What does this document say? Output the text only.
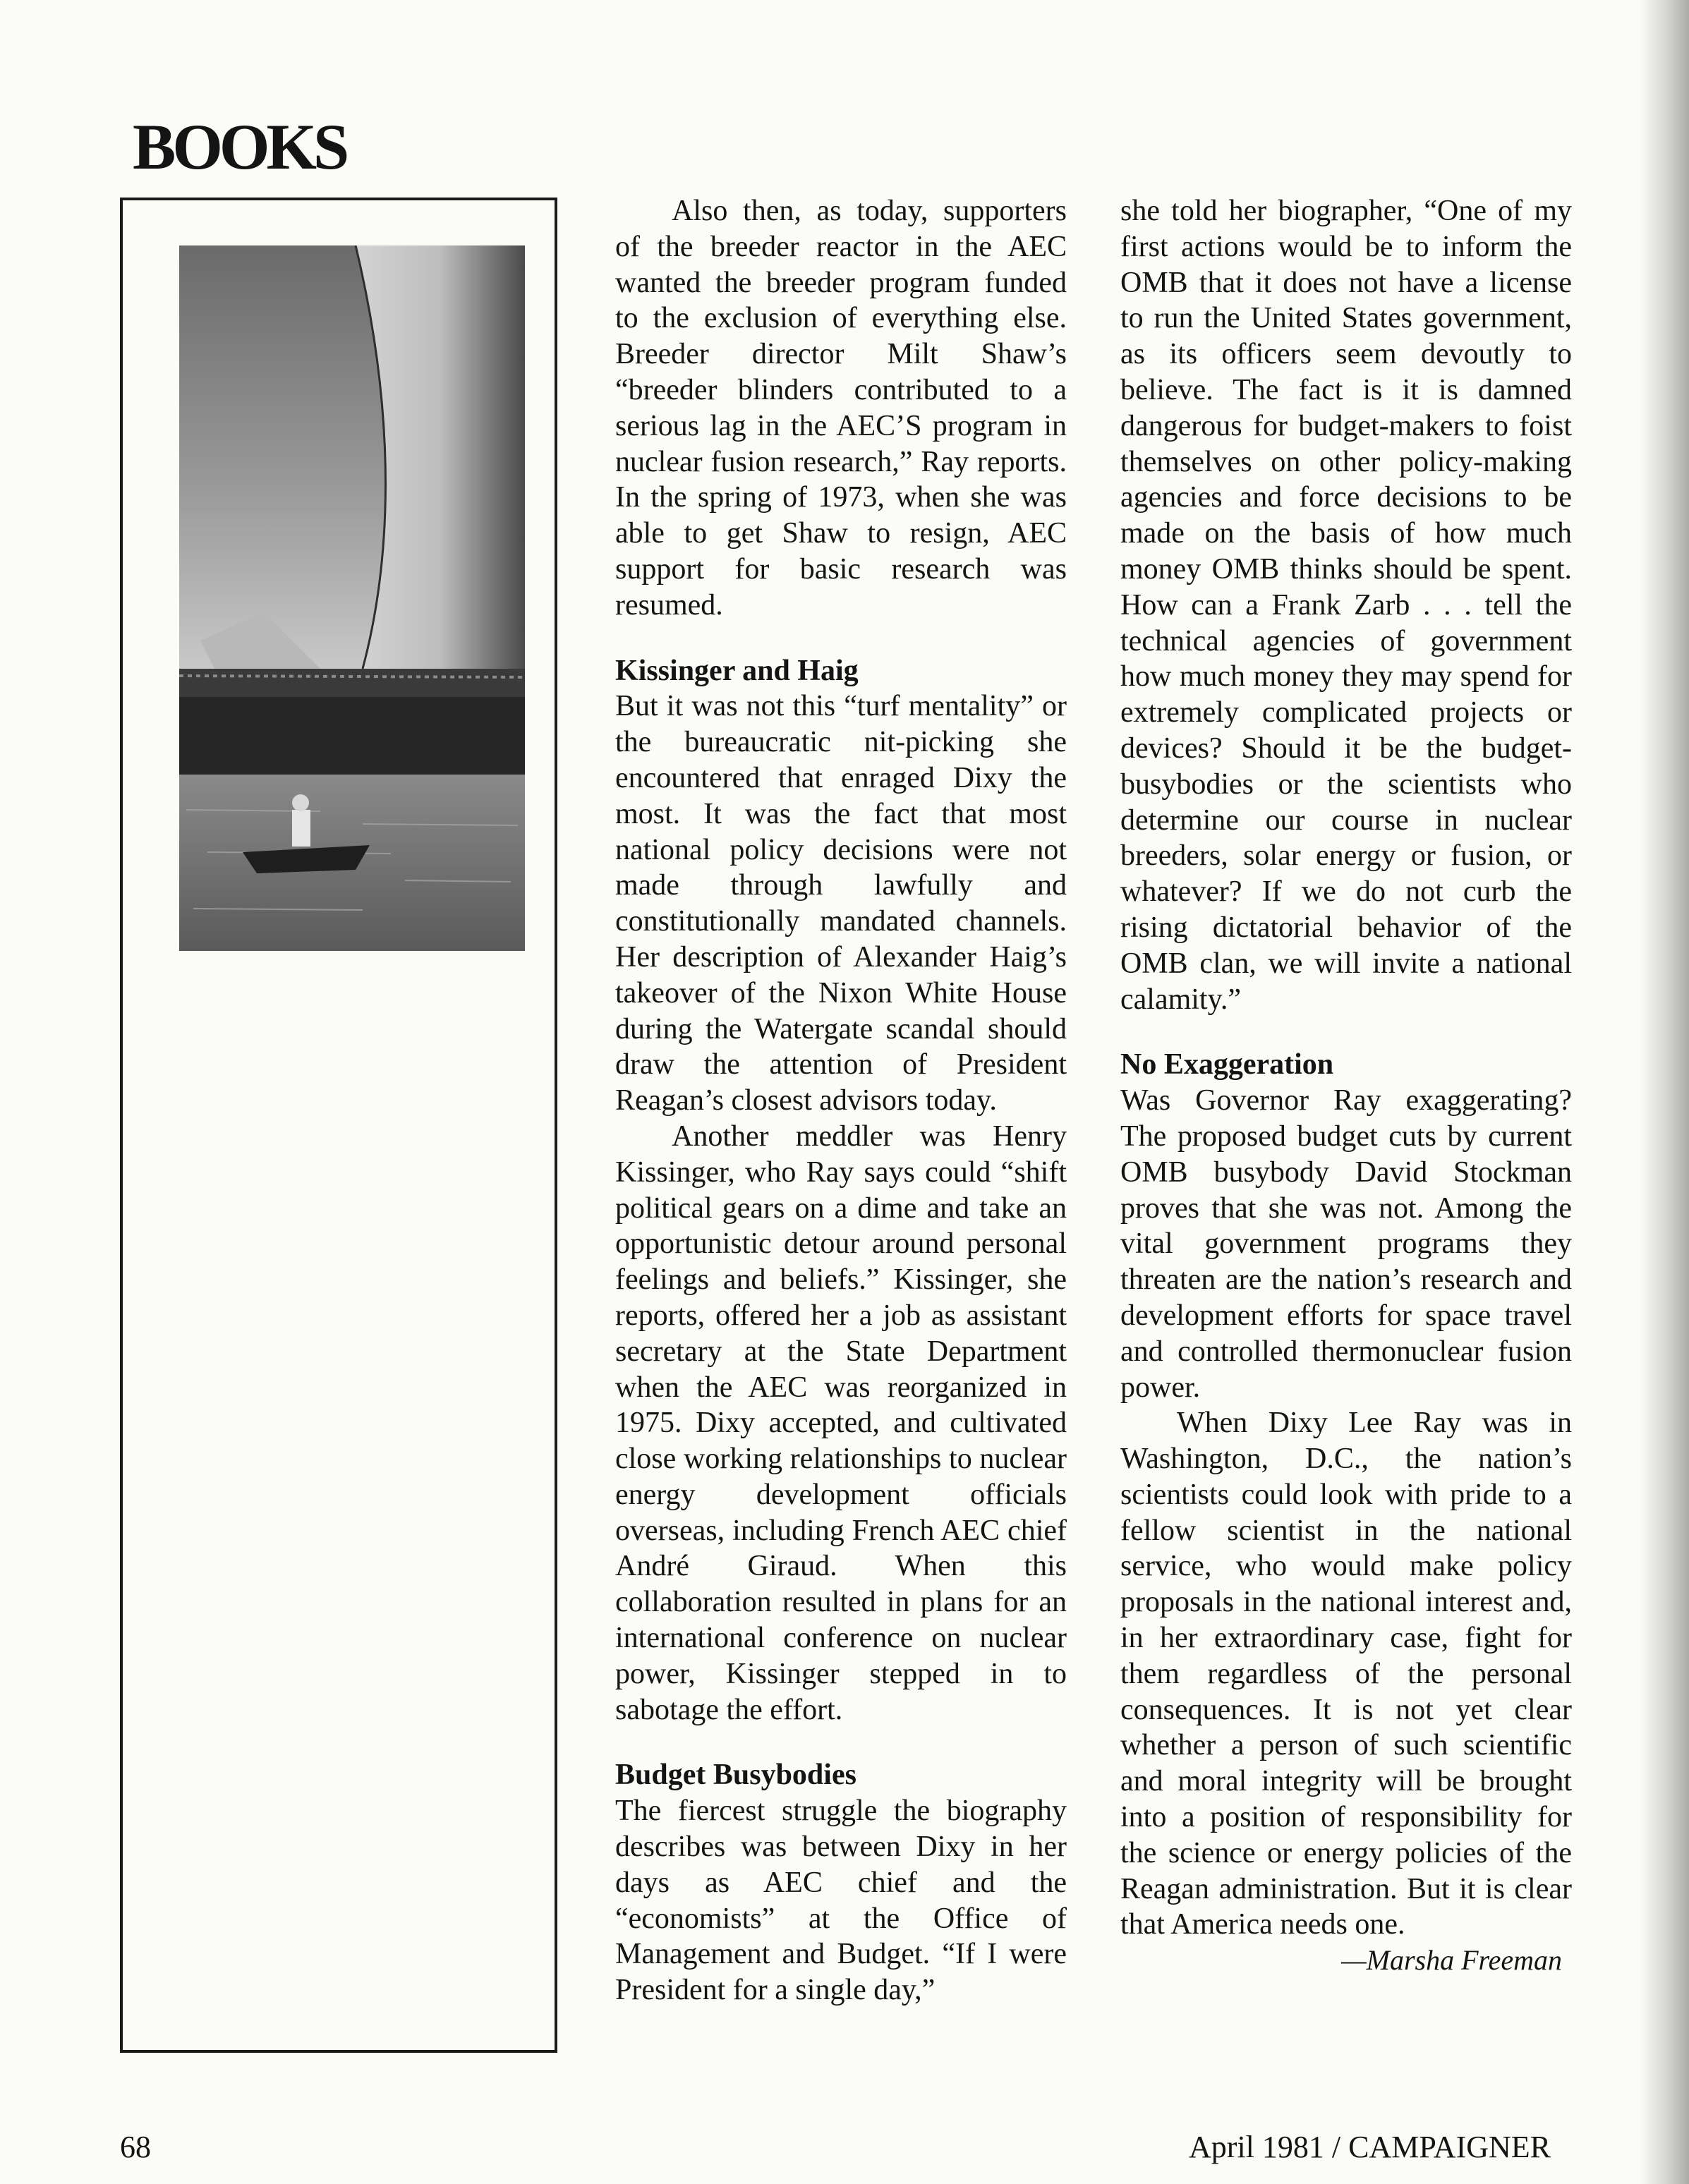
BOOKS

Also then, as today, supporters of the breeder reactor in the AEC wanted the breeder program funded to the exclusion of everything else. Breeder director Milt Shaw’s “breeder blinders contributed to a serious lag in the AEC’S program in nuclear fusion research,” Ray reports. In the spring of 1973, when she was able to get Shaw to resign, AEC support for basic research was resumed.

Kissinger and Haig

But it was not this “turf mentality” or the bureaucratic nit-picking she encountered that enraged Dixy the most. It was the fact that most national policy decisions were not made through lawfully and constitutionally mandated channels. Her description of Alexander Haig’s takeover of the Nixon White House during the Watergate scandal should draw the attention of President Reagan’s closest advisors today.

Another meddler was Henry Kissinger, who Ray says could “shift political gears on a dime and take an opportunistic detour around personal feelings and beliefs.” Kissinger, she reports, offered her a job as assistant secretary at the State Department when the AEC was reorganized in 1975. Dixy accepted, and cultivated close working relationships to nuclear energy development officials overseas, including French AEC chief André Giraud. When this collaboration resulted in plans for an international conference on nuclear power, Kissinger stepped in to sabotage the effort.

Budget Busybodies

The fiercest struggle the biography describes was between Dixy in her days as AEC chief and the “economists” at the Office of Management and Budget. “If I were President for a single day,”

she told her biographer, “One of my first actions would be to inform the OMB that it does not have a license to run the United States government, as its officers seem devoutly to believe. The fact is it is damned dangerous for budget-makers to foist themselves on other policy-making agencies and force decisions to be made on the basis of how much money OMB thinks should be spent. How can a Frank Zarb . . . tell the technical agencies of government how much money they may spend for extremely complicated projects or devices? Should it be the budget-busybodies or the scientists who determine our course in nuclear breeders, solar energy or fusion, or whatever? If we do not curb the rising dictatorial behavior of the OMB clan, we will invite a national calamity.”

No Exaggeration

Was Governor Ray exaggerating? The proposed budget cuts by current OMB busybody David Stockman proves that she was not. Among the vital government programs they threaten are the nation’s research and development efforts for space travel and controlled thermonuclear fusion power.

When Dixy Lee Ray was in Washington, D.C., the nation’s scientists could look with pride to a fellow scientist in the national service, who would make policy proposals in the national interest and, in her extraordinary case, fight for them regardless of the personal consequences. It is not yet clear whether a person of such scientific and moral integrity will be brought into a position of responsibility for the science or energy policies of the Reagan administration. But it is clear that America needs one.

—Marsha Freeman

68	April 1981 / CAMPAIGNER
